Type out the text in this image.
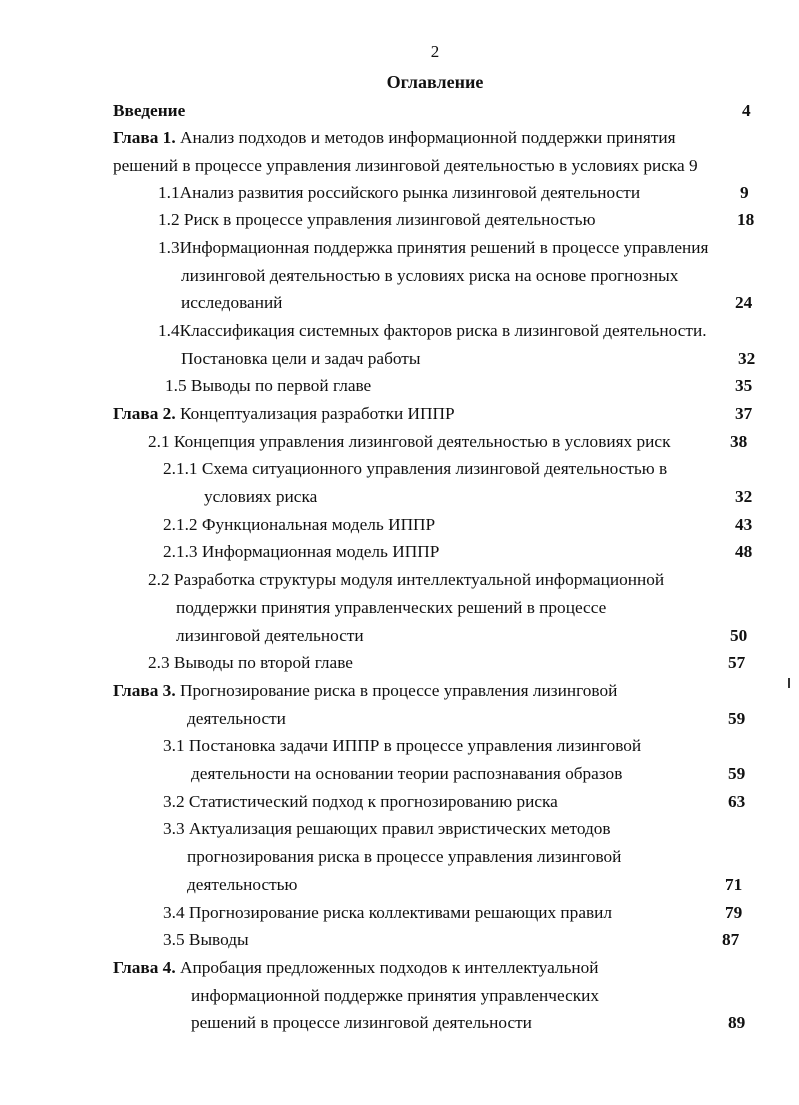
2
Оглавление
Введение	4
Глава 1. Анализ подходов и методов информационной поддержки принятия
решений в процессе управления лизинговой деятельностью в условиях риска 9
1.1Анализ развития российского рынка лизинговой деятельности	9
1.2 Риск в процессе управления лизинговой деятельностью	18
1.3Информационная поддержка принятия решений в процессе управления
лизинговой деятельностью в условиях риска на основе прогнозных
исследований	24
1.4Классификация системных факторов риска в лизинговой деятельности.
Постановка цели и задач работы	32
1.5 Выводы по первой главе	35
Глава 2. Концептуализация разработки ИППР	37
2.1 Концепция управления лизинговой деятельностью в условиях риск	38
2.1.1 Схема ситуационного управления лизинговой деятельностью в
условиях риска	32
2.1.2 Функциональная модель ИППР	43
2.1.3 Информационная модель ИППР	48
2.2 Разработка структуры модуля интеллектуальной информационной
поддержки принятия управленческих решений в процессе
лизинговой деятельности	50
2.3 Выводы по второй главе	57
Глава 3. Прогнозирование риска в процессе управления лизинговой
деятельности	59
3.1 Постановка задачи ИППР в процессе управления лизинговой
деятельности на основании теории распознавания образов	59
3.2 Статистический подход к прогнозированию риска	63
3.3 Актуализация решающих правил эвристических методов
прогнозирования риска в процессе управления лизинговой
деятельностью	71
3.4 Прогнозирование риска коллективами решающих правил	79
3.5 Выводы	87
Глава 4. Апробация предложенных подходов к интеллектуальной
информационной поддержке принятия управленческих
решений в процессе лизинговой деятельности	89
